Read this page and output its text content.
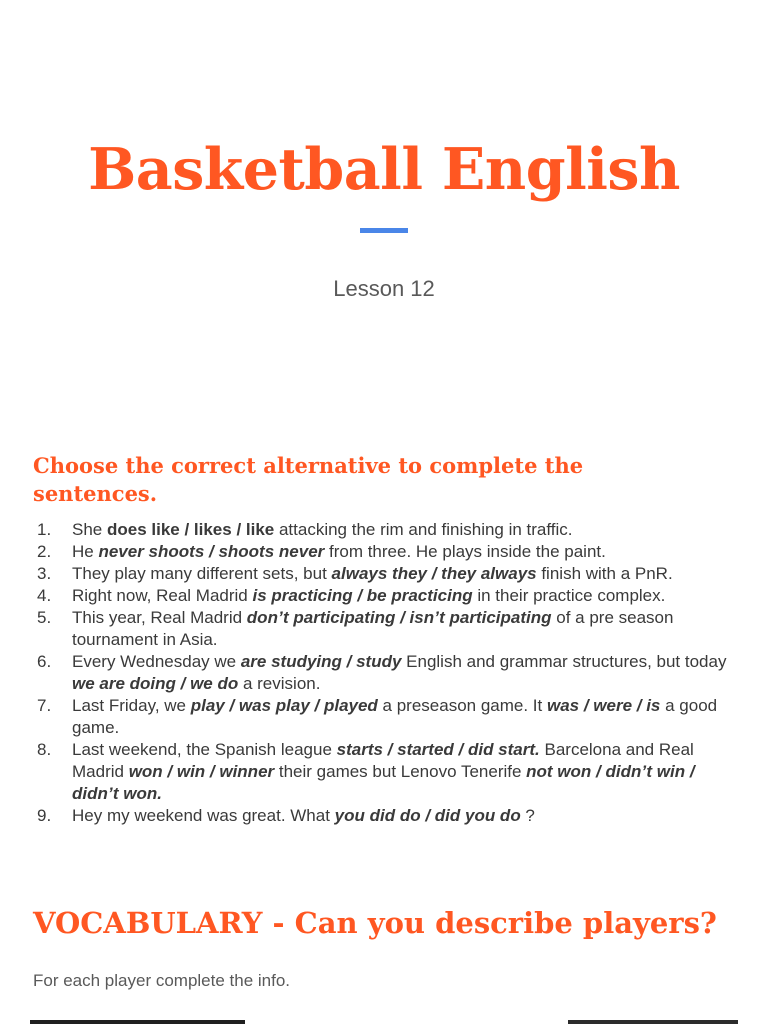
Basketball English

Lesson 12

Choose the correct alternative to complete the sentences.
1. She does like / likes / like attacking the rim and finishing in traffic.
2. He never shoots / shoots never from three. He plays inside the paint.
3. They play many different sets, but always they / they always finish with a PnR.
4. Right now, Real Madrid is practicing / be practicing in their practice complex.
5. This year, Real Madrid don’t participating / isn’t participating of a pre season tournament in Asia.
6. Every Wednesday we are studying / study English and grammar structures, but today we are doing / we do a revision.
7. Last Friday, we play / was play / played a preseason game. It was / were / is a good game.
8. Last weekend, the Spanish league starts / started / did start. Barcelona and Real Madrid won / win / winner their games but Lenovo Tenerife not won / didn’t win / didn’t won.
9. Hey my weekend was great. What you did do / did you do ?
VOCABULARY - Can you describe players?

For each player complete the info.
